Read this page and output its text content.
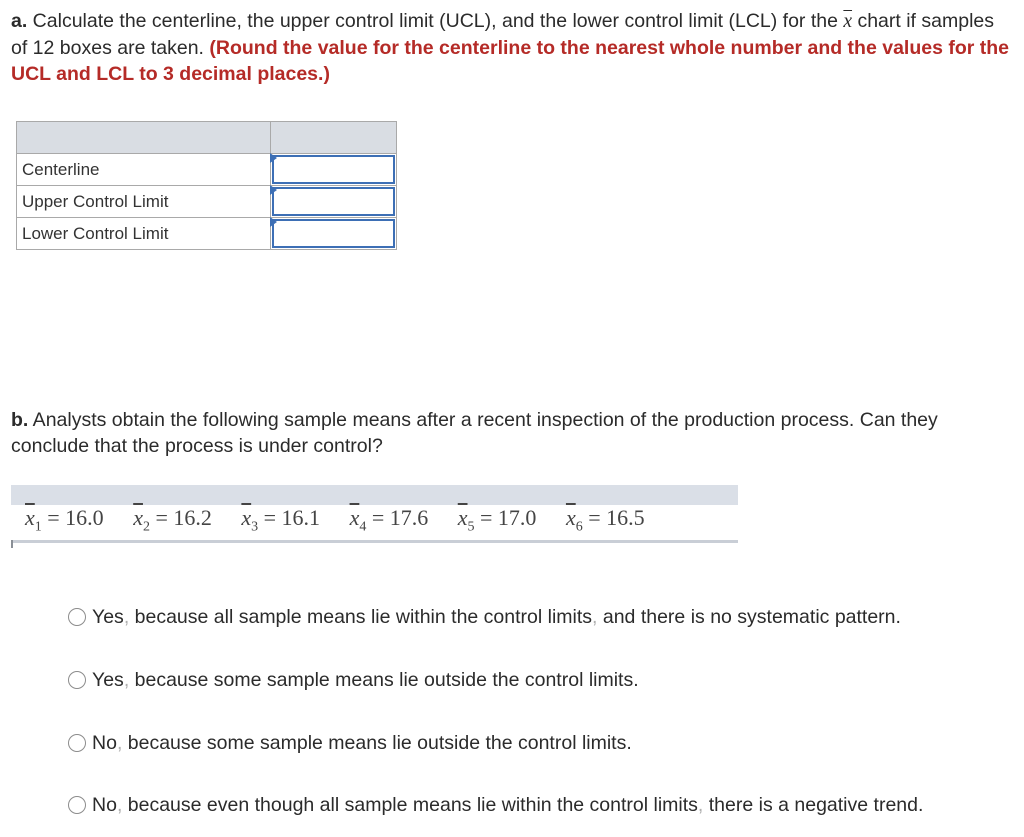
a. Calculate the centerline, the upper control limit (UCL), and the lower control limit (LCL) for the $\overline{x}$ chart if samples of 12 boxes are taken. (Round the value for the centerline to the nearest whole number and the values for the UCL and LCL to 3 decimal places.)

Centerline	

Upper Control Limit	

Lower Control Limit	
b. Analysts obtain the following sample means after a recent inspection of the production process. Can they conclude that the process is under control?
$\overline{x}_1 = 16.0$ $\overline{x}_2 = 16.2$ $\overline{x}_3 = 16.1$ $\overline{x}_4 = 17.6$ $\overline{x}_5 = 17.0$ $\overline{x}_6 = 16.5$
Yes, because all sample means lie within the control limits, and there is no systematic pattern.
Yes, because some sample means lie outside the control limits.
No, because some sample means lie outside the control limits.
No, because even though all sample means lie within the control limits, there is a negative trend.
